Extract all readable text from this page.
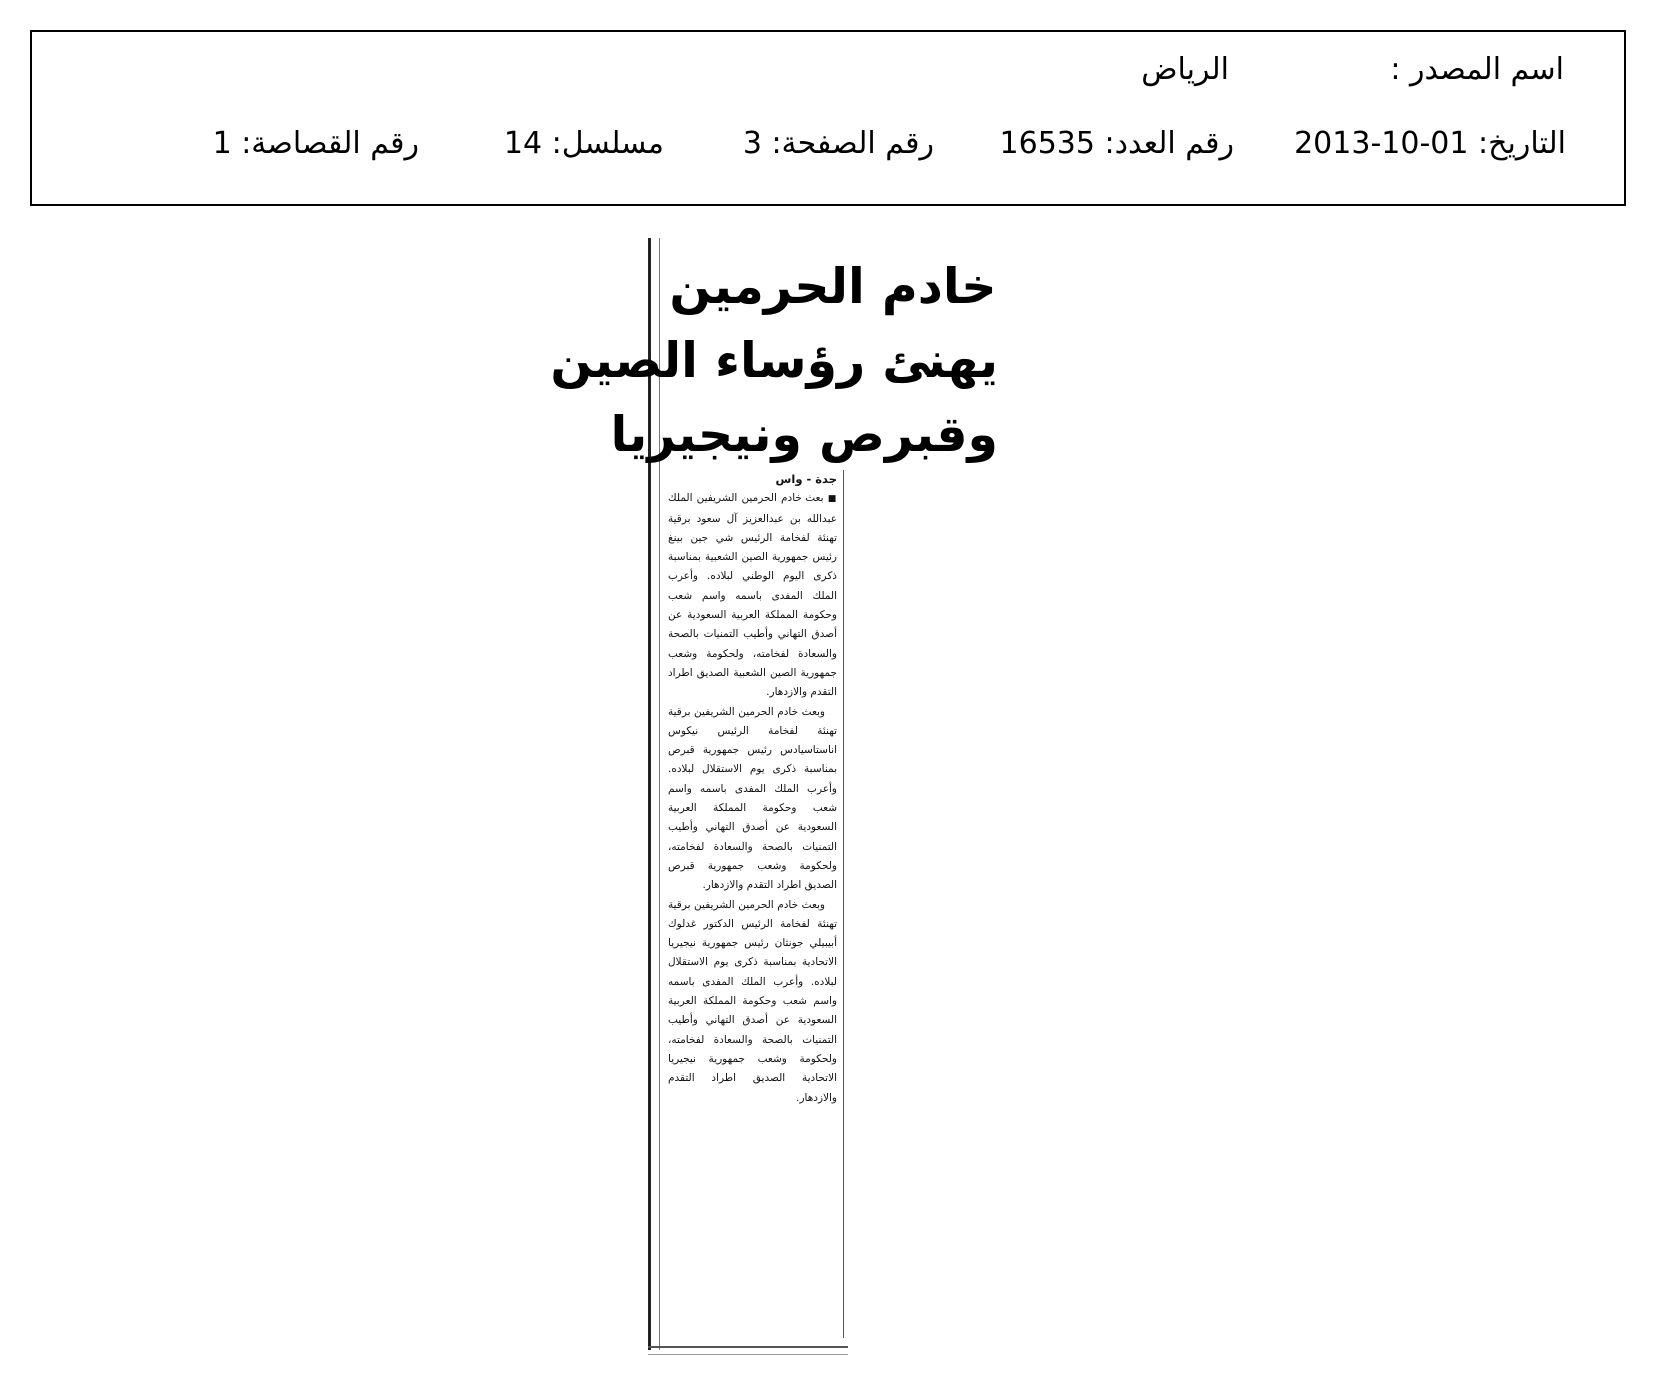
اسم المصدر :
الرياض
التاريخ: 01-10-2013
رقم العدد: 16535
رقم الصفحة: 3
مسلسل: 14
رقم القصاصة: 1
خادم الحرمين
يهنئ رؤساء الصين
وقبرص ونيجيريا
جدة - واس

■ بعث خادم الحرمين الشريفين الملك عبدالله بن عبدالعزيز آل سعود برقية تهنئة لفخامة الرئيس شي جين بينغ رئيس جمهورية الصين الشعبية بمناسبة ذكرى اليوم الوطني لبلاده. وأعرب الملك المفدى باسمه واسم شعب وحكومة المملكة العربية السعودية عن أصدق التهاني وأطيب التمنيات بالصحة والسعادة لفخامته، ولحكومة وشعب جمهورية الصين الشعبية الصديق اطراد التقدم والازدهار.

وبعث خادم الحرمين الشريفين برقية تهنئة لفخامة الرئيس نيكوس اناستاسيادس رئيس جمهورية قبرص بمناسبة ذكرى يوم الاستقلال لبلاده. وأعرب الملك المفدى باسمه واسم شعب وحكومة المملكة العربية السعودية عن أصدق التهاني وأطيب التمنيات بالصحة والسعادة لفخامته، ولحكومة وشعب جمهورية قبرص الصديق اطراد التقدم والازدهار.

وبعث خادم الحرمين الشريفين برقية تهنئة لفخامة الرئيس الدكتور غدلوك أبيبيلي جونثان رئيس جمهورية نيجيريا الاتحادية بمناسبة ذكرى يوم الاستقلال لبلاده. وأعرب الملك المفدى باسمه واسم شعب وحكومة المملكة العربية السعودية عن أصدق التهاني وأطيب التمنيات بالصحة والسعادة لفخامته، ولحكومة وشعب جمهورية نيجيريا الاتحادية الصديق اطراد التقدم والازدهار.
